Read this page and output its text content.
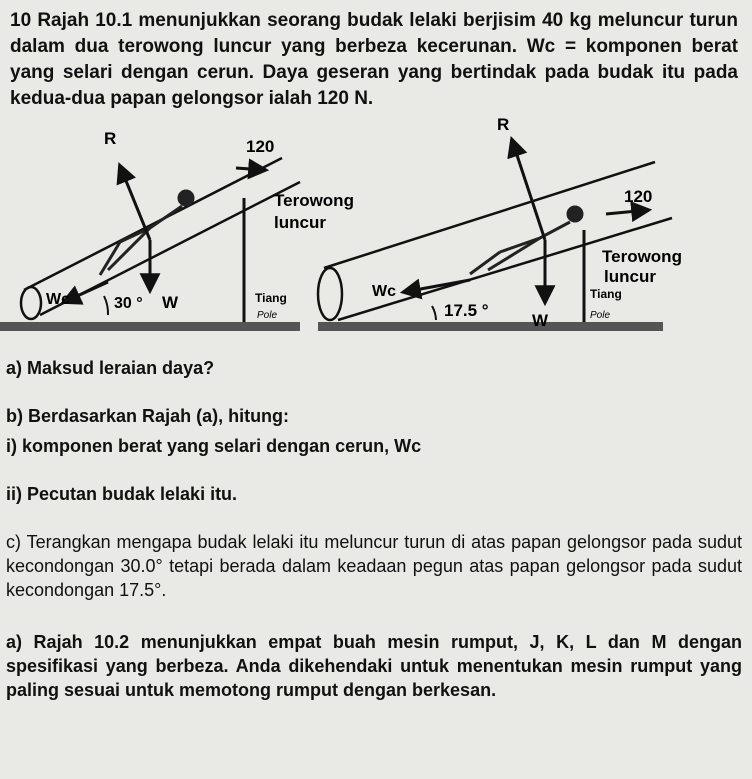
10 Rajah 10.1 menunjukkan seorang budak lelaki berjisim 40 kg meluncur turun dalam dua terowong luncur yang berbeza kecerunan. Wc = komponen berat yang selari dengan cerun. Daya geseran yang bertindak pada budak itu pada kedua-dua papan gelongsor ialah 120 N.
R	120
Terowong
luncur
Tiang
Pole
Wc	30 ° W
R
120
Terowong
luncur
Tiang
Pole
Wc
17.5 °
W
a) Maksud leraian daya?
b) Berdasarkan Rajah (a), hitung:
i) komponen berat yang selari dengan cerun, Wc
ii) Pecutan budak lelaki itu.
c) Terangkan mengapa budak lelaki itu meluncur turun di atas papan gelongsor pada sudut kecondongan 30.0° tetapi berada dalam keadaan pegun atas papan gelongsor pada sudut kecondongan 17.5°.
a) Rajah 10.2 menunjukkan empat buah mesin rumput, J, K, L dan M dengan spesifikasi yang berbeza. Anda dikehendaki untuk menentukan mesin rumput yang paling sesuai untuk memotong rumput dengan berkesan.
